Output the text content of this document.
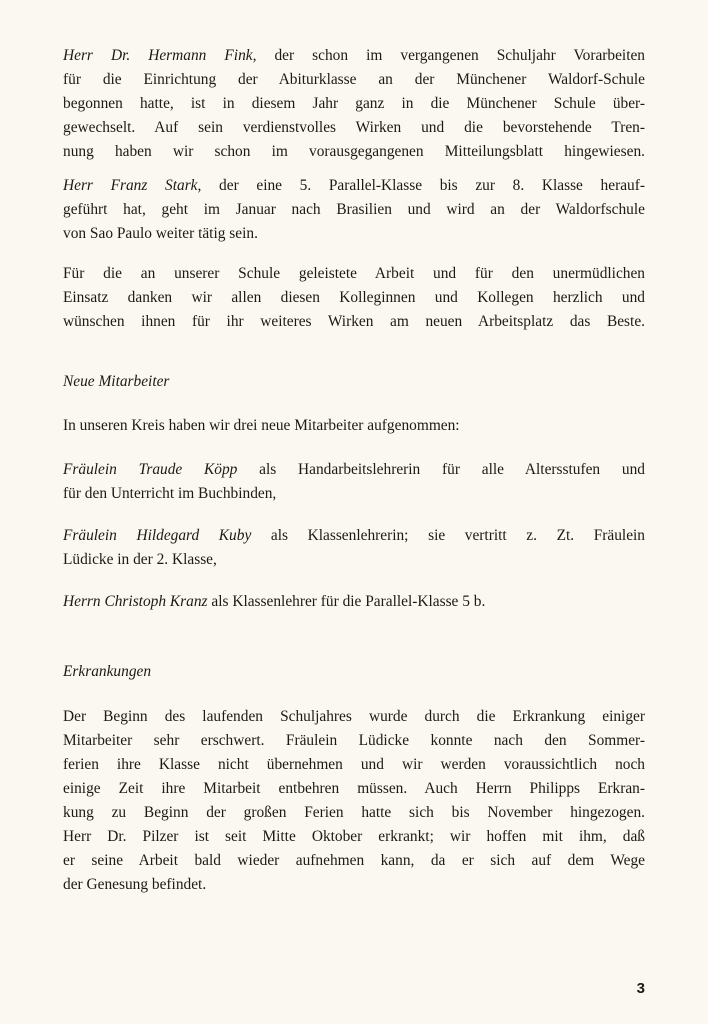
Herr Dr. Hermann Fink, der schon im vergangenen Schuljahr Vorarbeiten
für die Einrichtung der Abiturklasse an der Münchener Waldorf-Schule
begonnen hatte, ist in diesem Jahr ganz in die Münchener Schule über-
gewechselt. Auf sein verdienstvolles Wirken und die bevorstehende Tren-
nung haben wir schon im vorausgegangenen Mitteilungsblatt hingewiesen.
Herr Franz Stark, der eine 5. Parallel-Klasse bis zur 8. Klasse herauf-
geführt hat, geht im Januar nach Brasilien und wird an der Waldorfschule
von Sao Paulo weiter tätig sein.
Für die an unserer Schule geleistete Arbeit und für den unermüdlichen
Einsatz danken wir allen diesen Kolleginnen und Kollegen herzlich und
wünschen ihnen für ihr weiteres Wirken am neuen Arbeitsplatz das Beste.
Neue Mitarbeiter
In unseren Kreis haben wir drei neue Mitarbeiter aufgenommen:
Fräulein Traude Köpp als Handarbeitslehrerin für alle Altersstufen und
für den Unterricht im Buchbinden,
Fräulein Hildegard Kuby als Klassenlehrerin; sie vertritt z. Zt. Fräulein
Lüdicke in der 2. Klasse,
Herrn Christoph Kranz als Klassenlehrer für die Parallel-Klasse 5 b.
Erkrankungen
Der Beginn des laufenden Schuljahres wurde durch die Erkrankung einiger
Mitarbeiter sehr erschwert. Fräulein Lüdicke konnte nach den Sommer-
ferien ihre Klasse nicht übernehmen und wir werden voraussichtlich noch
einige Zeit ihre Mitarbeit entbehren müssen. Auch Herrn Philipps Erkran-
kung zu Beginn der großen Ferien hatte sich bis November hingezogen.
Herr Dr. Pilzer ist seit Mitte Oktober erkrankt; wir hoffen mit ihm, daß
er seine Arbeit bald wieder aufnehmen kann, da er sich auf dem Wege
der Genesung befindet.
3
